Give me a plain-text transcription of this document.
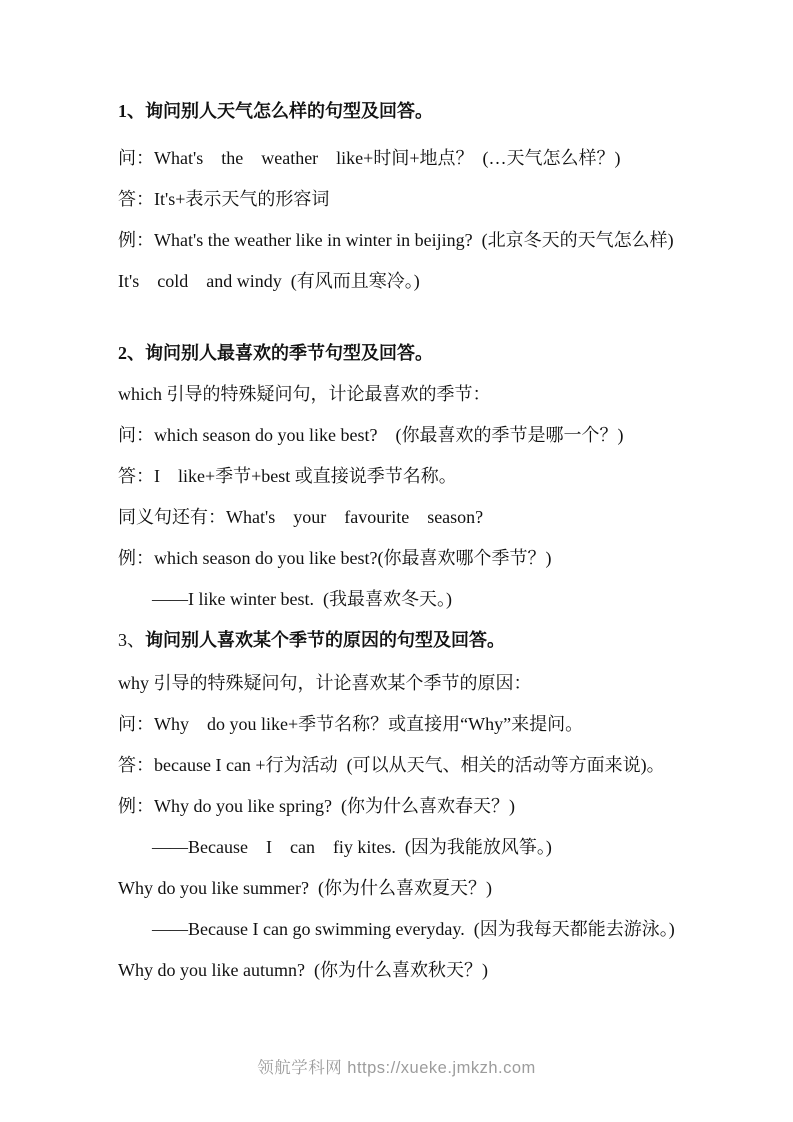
1、询问别人天气怎么样的句型及回答。

问：What's    the    weather    like+时间+地点？  (…天气怎么样？)

答：It's+表示天气的形容词

例：What's the weather like in winter in beijing?  (北京冬天的天气怎么样)

It's    cold    and windy  (有风而且寒冷。)

2、询问别人最喜欢的季节句型及回答。

which 引导的特殊疑问句，计论最喜欢的季节：

问：which season do you like best?    (你最喜欢的季节是哪一个？)

答：I    like+季节+best 或直接说季节名称。

同义句还有：What's    your    favourite    season?

例：which season do you like best?(你最喜欢哪个季节？)

——I like winter best.  (我最喜欢冬天。)

3、询问别人喜欢某个季节的原因的句型及回答。

why 引导的特殊疑问句，计论喜欢某个季节的原因：

问：Why    do you like+季节名称？或直接用“Why”来提问。

答：because I can +行为活动  (可以从天气、相关的活动等方面来说)。

例：Why do you like spring?  (你为什么喜欢春天？)

——Because    I    can    fiy kites.  (因为我能放风筝。)

Why do you like summer?  (你为什么喜欢夏天？)

——Because I can go swimming everyday.  (因为我每天都能去游泳。)

Why do you like autumn?  (你为什么喜欢秋天？)

领航学科网 https://xueke.jmkzh.com
